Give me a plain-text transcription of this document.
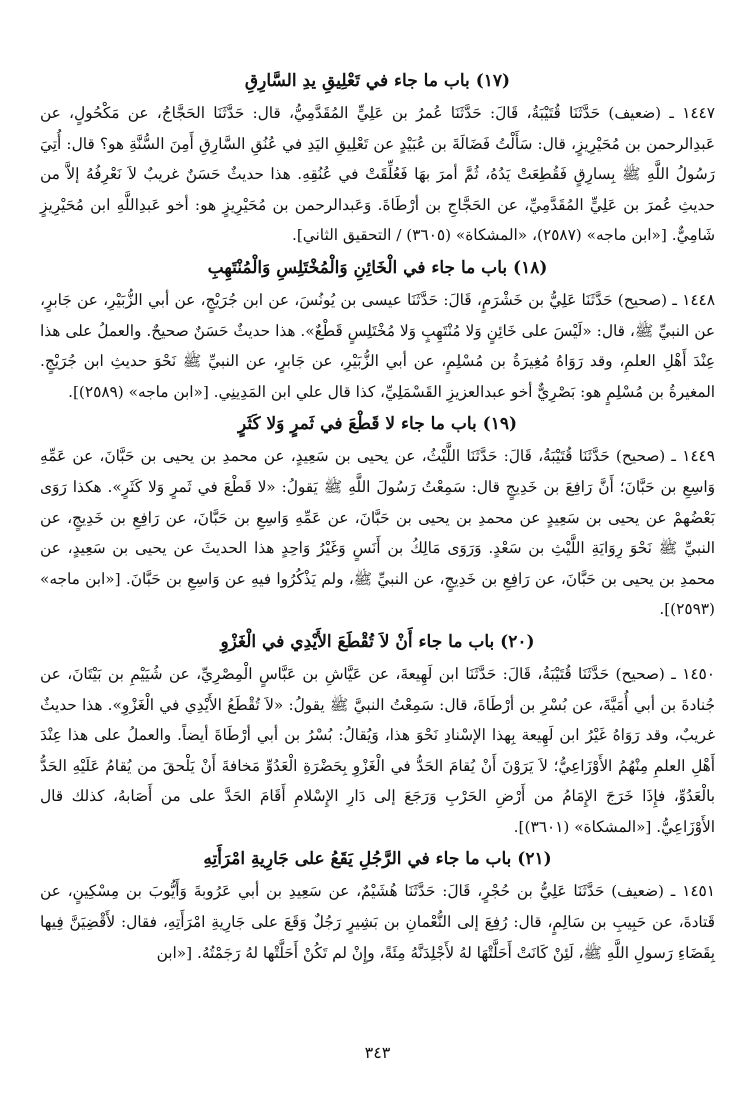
(١٧) باب ما جاء في تَعْلِيقِ يدِ السَّارِقِ

١٤٤٧ ـ (ضعيف) حَدَّثَنَا قُتَيْبَةُ، قَالَ: حَدَّثَنَا عُمرُ بن عَلِيٍّ المُقَدَّمِيُّ، قال: حَدَّثَنَا الحَجَّاجُ، عن مَكْحُولٍ، عن عَبدِالرحمن بن مُحَيْرِيزٍ، قال: سَأَلْتُ فَضَالَةَ بن عُبَيْدٍ عن تَعْلِيقِ اليَدِ في عُنُقِ السَّارِقِ أَمِنَ السُّنَّةِ هو؟ قال: أُتِيَ رَسُولُ اللَّهِ ﷺ بِسارِقٍ فَقُطِعَتْ يَدُهُ، ثُمَّ أمرَ بهَا فَعُلِّقَتْ في عُنُقِهِ. هذا حديثٌ حَسَنٌ غريبٌ لاَ نَعْرِفُهُ إلاَّ من حديثِ عُمرَ بن عَلِيٍّ المُقَدَّمِيِّ، عن الحَجَّاجِ بن أرْطَاةَ. وَعَبدالرحمن بن مُحَيْرِيزٍ هو: أخو عَبدِاللَّهِ ابن مُحَيْرِيزٍ شَامِيٌّ. [«ابن ماجه» (٢٥٨٧)، «المشكاة» (٣٦٠٥) / التحقيق الثاني].

(١٨) باب ما جاء في الْخَائِنِ وَالْمُخْتَلِسِ وَالْمُنْتَهِبِ

١٤٤٨ ـ (صحيح) حَدَّثَنَا عَلِيُّ بن خَشْرَمٍ، قَالَ: حَدَّثَنَا عيسى بن يُونُسَ، عن ابن جُرَيْجٍ، عن أبي الزُّبَيْرِ، عن جَابرٍ، عن النبيِّ ﷺ، قال: «لَيْسَ على خَائِنٍ وَلا مُنْتَهِبٍ وَلا مُخْتَلِسٍ قَطْعٌ». هذا حديثٌ حَسَنٌ صحيحٌ. والعملُ على هذا عِنْدَ أَهْلِ العلمِ، وقد رَوَاهُ مُغِيرَةُ بن مُسْلِمٍ، عن أبي الزُّبَيْرِ، عن جَابرٍ، عن النبيِّ ﷺ نَحْوَ حديثِ ابن جُرَيْجٍ. المغيرةُ بن مُسْلِمٍ هو: بَصْرِيٌّ أخو عبدالعزيزِ القَسْمَلِيِّ، كذا قال علي ابن المَدِينِي. [«ابن ماجه» (٢٥٨٩)].

(١٩) باب ما جاء لا قَطْعَ في ثَمرٍ وَلا كَثَرٍ

١٤٤٩ ـ (صحيح) حَدَّثَنَا قُتَيْبَةُ، قَالَ: حَدَّثَنَا اللَّيْثُ، عن يحيى بن سَعِيدٍ، عن محمدِ بن يحيى بن حَبَّانَ، عن عَمِّهِ وَاسِعِ بن حَبَّانَ؛ أَنَّ رَافِعَ بن خَدِيجٍ قال: سَمِعْتُ رَسُولَ اللَّهِ ﷺ يَقولُ: «لا قَطْعَ في ثَمرٍ وَلا كَثَرٍ». هكذا رَوَى بَعْضُهمْ عن يحيى بن سَعِيدٍ عن محمدِ بن يحيى بن حَبَّانَ، عن عَمِّهِ وَاسِعِ بن حَبَّانَ، عن رَافِعِ بن خَدِيجٍ، عن النبيِّ ﷺ نَحْوَ رِوَايَةِ اللَّيْثِ بن سَعْدٍ. وَرَوَى مَالِكُ بن أَنَسٍ وَغَيْرُ وَاحِدٍ هذا الحديثَ عن يحيى بن سَعِيدٍ، عن محمدِ بن يحيى بن حَبَّانَ، عن رَافِعِ بن خَدِيجٍ، عن النبيِّ ﷺ، ولم يَذْكُرُوا فيهِ عن وَاسِعِ بن حَبَّانَ. [«ابن ماجه» (٢٥٩٣)].

(٢٠) باب ما جاء أَنْ لاَ تُقْطَعَ الأَيْدِي في الْغَزْوِ

١٤٥٠ ـ (صحيح) حَدَّثَنَا قُتَيْبَةُ، قَالَ: حَدَّثَنَا ابن لَهِيعةَ، عن عَيَّاشِ بن عَبَّاسٍ الْمِصْرِيِّ، عن شُيَيْمِ بن بَيْتَانَ، عن جُنادةَ بن أبي أُمَيَّةَ، عن بُسْرِ بن أرْطَاةَ، قال: سَمِعْتُ النبيَّ ﷺ يقولُ: «لاَ تُقْطَعُ الأَيْدِي في الْغَزْوِ». هذا حديثٌ غريبٌ، وقد رَوَاهُ غَيْرُ ابن لَهِيعة بِهذا الإسْنادِ نَحْوَ هذا، وَيُقالُ: بُسْرُ بن أبي أرْطَاةَ أيضاً. والعملُ على هذا عِنْدَ أَهْلِ العلمِ مِنْهُمُ الأَوْزَاعِيُّ؛ لاَ يَرَوْنَ أَنْ يُقامَ الحَدُّ في الْغَزْوِ بِحَضْرَةِ الْعَدُوِّ مَخافةَ أَنْ يَلْحقَ من يُقامُ عَلَيْهِ الحَدُّ بالْعَدُوِّ، فإِذَا خَرَجَ الإِمَامُ من أَرْضِ الحَرْبِ وَرَجَعَ إلى دَارِ الإِسْلامِ أَقَامَ الحَدَّ على من أَصَابهُ، كذلك قال الأَوْزَاعِيُّ. [«المشكاة» (٣٦٠١)].

(٢١) باب ما جاء في الرَّجُلِ يَقَعُ على جَارِيةِ امْرَأَتِهِ

١٤٥١ ـ (ضعيف) حَدَّثَنَا عَلِيُّ بن حُجْرٍ، قَالَ: حَدَّثَنَا هُشَيْمٌ، عن سَعِيدِ بن أبي عَرُوبةَ وَأَيُّوبَ بن مِسْكِينٍ، عن قَتادةَ، عن حَبِيبِ بن سَالِمٍ، قال: رُفِعَ إلى النُّعْمانِ بن بَشِيرٍ رَجُلٌ وَقَعَ على جَارِيةِ امْرَأَتِهِ، فقال: لأَقْضِيَنَّ فِيها بِقَضَاءِ رَسولِ اللَّهِ ﷺ، لَئِنْ كَانَتْ أَحَلَّتْهَا لهُ لأَجْلِدَنَّهُ مِئَةً، وإِنْ لم تَكُنْ أَحَلَّتْها لهُ رَجَمْتُهُ. [«ابن

٣٤٣
